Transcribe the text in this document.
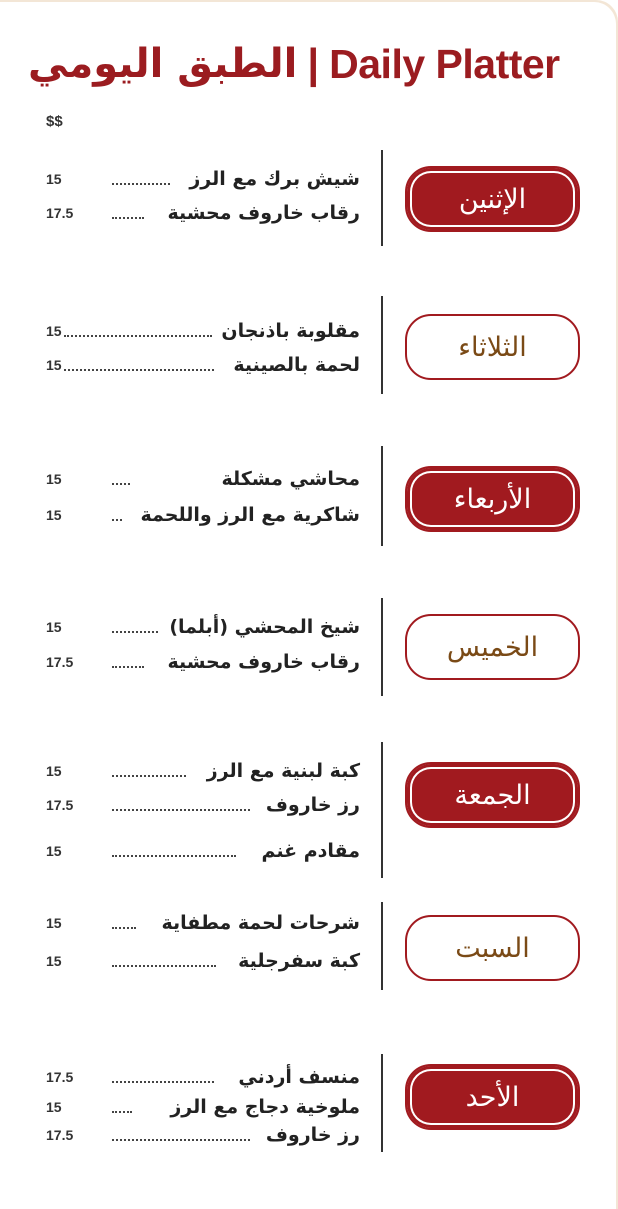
الطبق اليومي | Daily Platter
$$
الإثنين
شيش برك مع الرز
15
رقاب خاروف محشية
17.5
الثلاثاء
مقلوبة باذنجان
15
لحمة بالصينية
15
الأربعاء
محاشي مشكلة
15
شاكرية مع الرز واللحمة
15
الخميس
شيخ المحشي (أبلما)
15
رقاب خاروف محشية
17.5
الجمعة
كبة لبنية مع الرز
15
رز خاروف
17.5
مقادم غنم
15
السبت
شرحات لحمة مطفاية
15
كبة سفرجلية
15
الأحد
منسف أردني
17.5
ملوخية دجاج مع الرز
15
رز خاروف
17.5
